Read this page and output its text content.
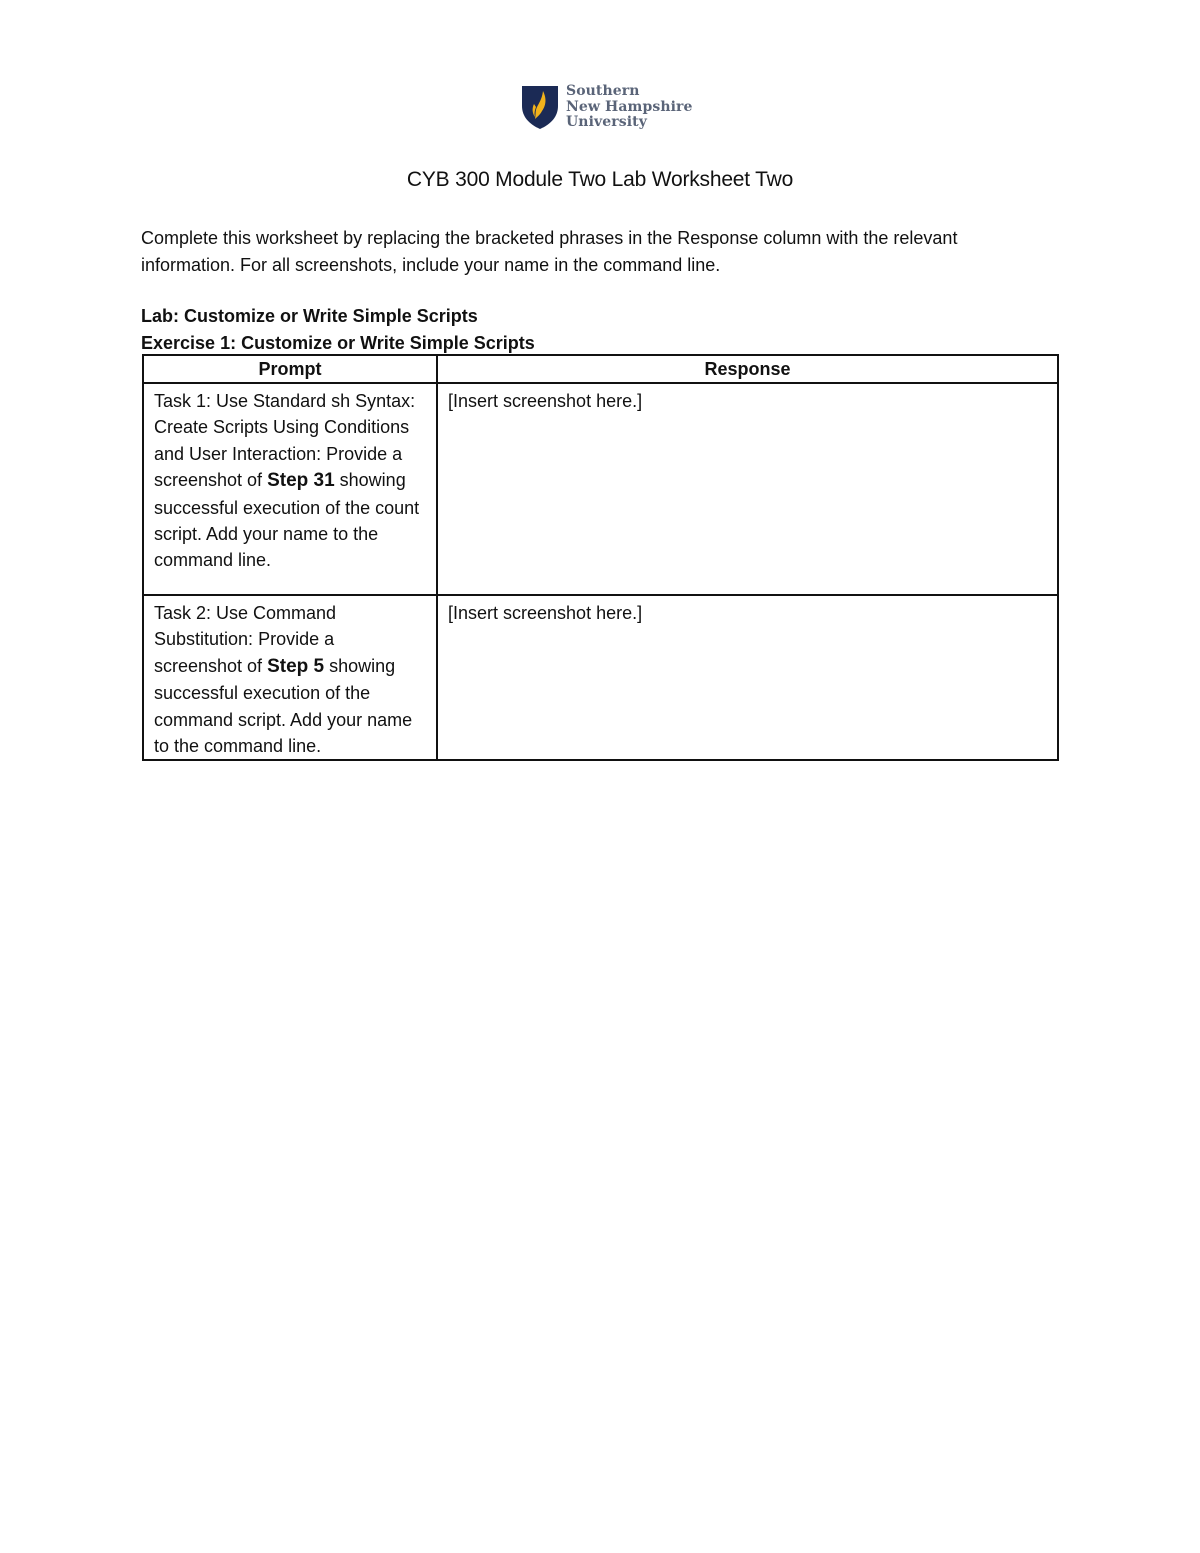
Southern
New Hampshire
University
CYB 300 Module Two Lab Worksheet Two
Complete this worksheet by replacing the bracketed phrases in the Response column with the relevant
information. For all screenshots, include your name in the command line.
Lab: Customize or Write Simple Scripts
Exercise 1: Customize or Write Simple Scripts
Prompt	Response
Task 1: Use Standard sh Syntax: Create Scripts Using Conditions and User Interaction: Provide a screenshot of Step 31 showing successful execution of the count script. Add your name to the command line.	[Insert screenshot here.]
Task 2: Use Command Substitution: Provide a screenshot of Step 5 showing successful execution of the command script. Add your name to the command line.	[Insert screenshot here.]
